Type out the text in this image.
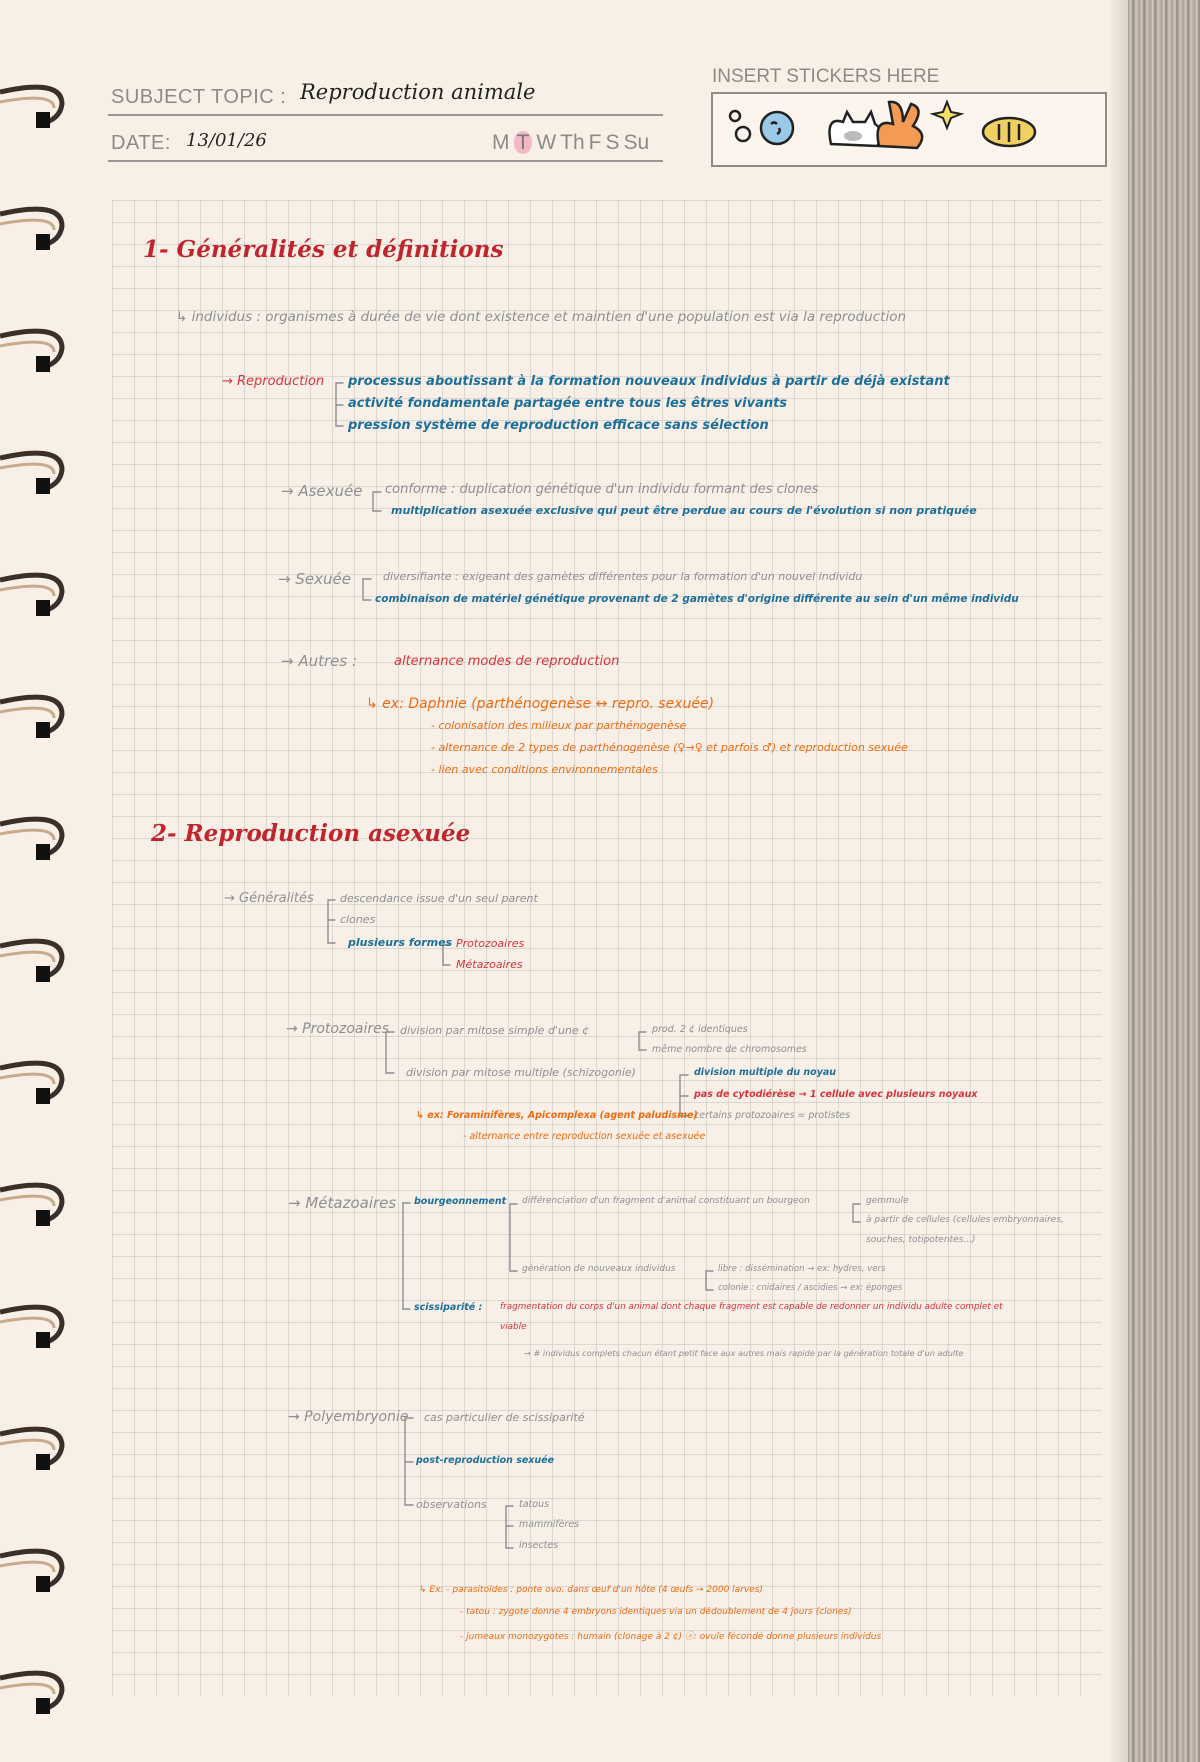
SUBJECT TOPIC : Reproduction animale
DATE: 13/01/26	M T W Th F S Su
INSERT STICKERS HERE
1- Généralités et définitions
↳ individus : organismes à durée de vie dont existence et maintien d'une population est via la reproduction
→ Reproduction processus aboutissant à la formation nouveaux individus à partir de déjà existant
activité fondamentale partagée entre tous les êtres vivants
pression système de reproduction efficace sans sélection
→ Asexuée conforme : duplication génétique d'un individu formant des clones
multiplication asexuée exclusive qui peut être perdue au cours de l'évolution si non pratiquée
→ Sexuée	diversifiante : exigeant des gamètes différentes pour la formation d'un nouvel individu
combinaison de matériel génétique provenant de 2 gamètes d'origine différente au sein d'un même individu
→ Autres :	alternance modes de reproduction
↳ ex: Daphnie (parthénogenèse ↔ repro. sexuée)
- colonisation des milieux par parthénogenèse
- alternance de 2 types de parthénogenèse (♀→♀ et parfois ♂) et reproduction sexuée
- lien avec conditions environnementales
2- Reproduction asexuée
→ Généralités descendance issue d'un seul parent
clones
plusieurs formes Protozoaires
Métazoaires
→ Protozoaires division par mitose simple d'une ¢	prod. 2 ¢ identiques
même nombre de chromosomes
division par mitose multiple (schizogonie)	division multiple du noyau
pas de cytodiérèse → 1 cellule avec plusieurs noyaux
certains protozoaires = protistes
↳ ex: Foraminifères, Apicomplexa (agent paludisme)
- alternance entre reproduction sexuée et asexuée
→ Métazoaires bourgeonnement différenciation d'un fragment d'animal constituant un bourgeon	gemmule
à partir de cellules (cellules embryonnaires,
souches, totipotentes...)
génération de nouveaux individus	libre : dissémination → ex: hydres, vers
colonie : cnidaires / ascidies → ex: éponges
scissiparité : fragmentation du corps d'un animal dont chaque fragment est capable de redonner un individu adulte complet et
viable
→ # individus complets chacun étant petit face aux autres mais rapide par la génération totale d'un adulte
→ Polyembryonie cas particulier de scissiparité
post-reproduction sexuée
observations	tatous
mammifères
insectes
↳ Ex: - parasitoïdes : ponte ovo. dans œuf d'un hôte (4 œufs → 2000 larves)
- tatou : zygote donne 4 embryons identiques via un dédoublement de 4 jours (clones)
- jumeaux monozygotes : humain (clonage à 2 ¢) ⓐ: ovule fécondé donne plusieurs individus
